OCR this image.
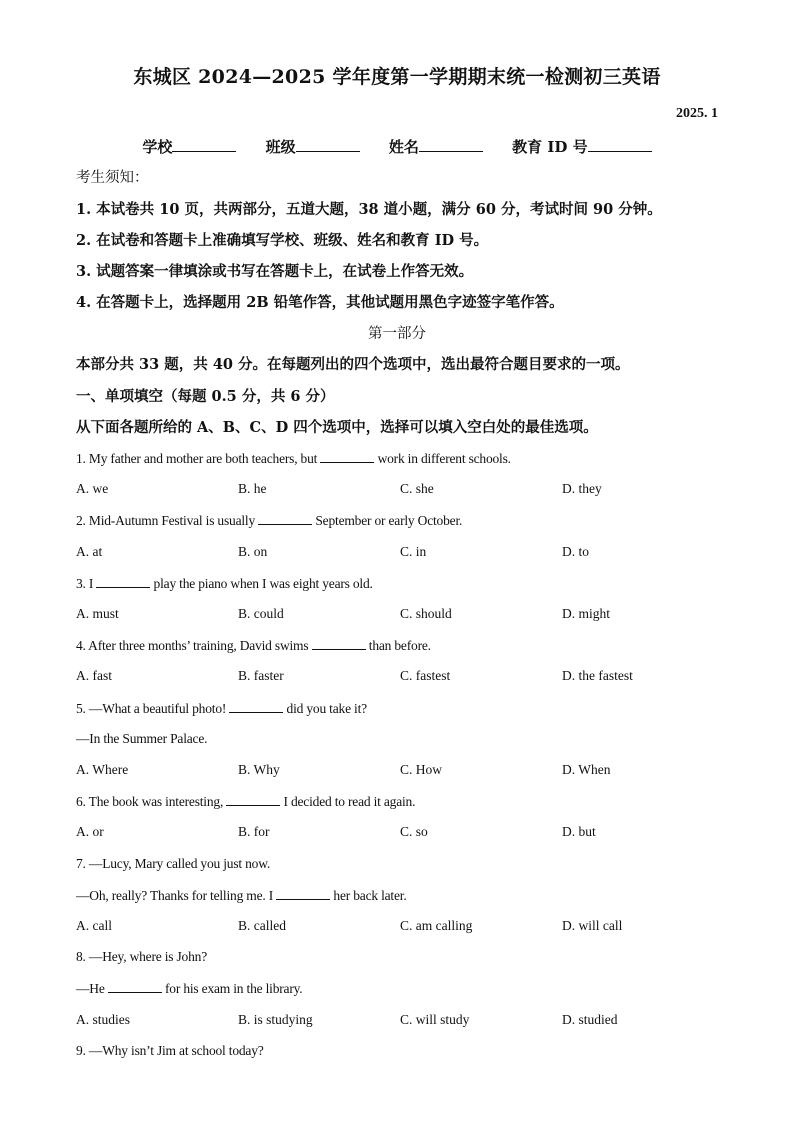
东城区 2024—2025 学年度第一学期期末统一检测初三英语
2025. 1
学校	班级	姓名	教育 ID 号
考生须知：
1. 本试卷共 10 页，共两部分，五道大题，38 道小题，满分 60 分，考试时间 90 分钟。
2. 在试卷和答题卡上准确填写学校、班级、姓名和教育 ID 号。
3. 试题答案一律填涂或书写在答题卡上，在试卷上作答无效。
4. 在答题卡上，选择题用 2B 铅笔作答，其他试题用黑色字迹签字笔作答。
第一部分
本部分共 33 题，共 40 分。在每题列出的四个选项中，选出最符合题目要求的一项。
一、单项填空（每题 0.5 分，共 6 分）
从下面各题所给的 A、B、C、D 四个选项中，选择可以填入空白处的最佳选项。
1. My father and mother are both teachers, but	work in different schools.
A. we	B. he	C. she	D. they
2. Mid-Autumn Festival is usually	September or early October.
A. at	B. on	C. in	D. to
3. I	play the piano when I was eight years old.
A. must	B. could	C. should	D. might
4. After three months’ training, David swims	than before.
A. fast	B. faster	C. fastest	D. the fastest
5. —What a beautiful photo!	did you take it?
—In the Summer Palace.
A. Where	B. Why	C. How	D. When
6. The book was interesting,	I decided to read it again.
A. or	B. for	C. so	D. but
7. —Lucy, Mary called you just now.
—Oh, really? Thanks for telling me. I	her back later.
A. call	B. called	C. am calling	D. will call
8. —Hey, where is John?
—He	for his exam in the library.
A. studies	B. is studying	C. will study	D. studied
9. —Why isn’t Jim at school today?
